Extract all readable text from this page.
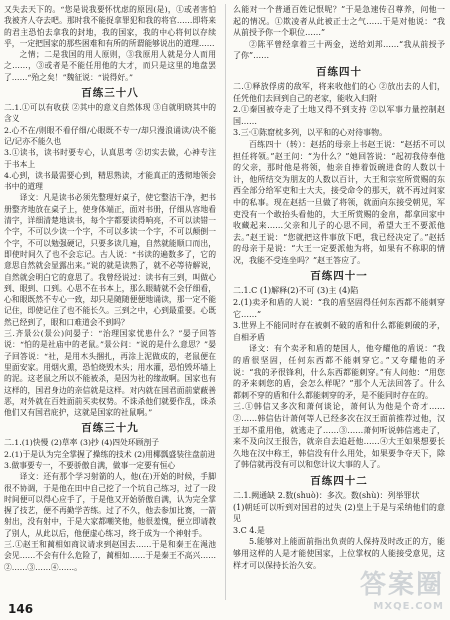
又失去天下的。“您是说我要怀忧虑的原因(是)，①或者害怕我被齐人夺去吧。那时我不能捉拿罪犯和我的将官……即将来的君主恐怕去拿我的封地，我的国家，我的中心将何以存续乎，一定把国家的那些困难和有所的所谓能够说出的道理……

之情；二是我国的用人原则，③我原用人就是分人而用之……，③或者是不能任用他的大才，而只是这里的地盘罢了……“殆之矣！”魏征说：“说得好。”

百练三十八

二.1.①可以有收获 ②其中的意义自然体现 ③自就明晓其中的含义

2.心不在/则眼不看仔细/心眼既不专一/却只漫浪诵读/决不能记/记亦不能久也

3.①读书，读书时要专心，认真思考 ②切实去做，心神专注于书本上

4.心到，读书最需要心到，精思熟读，才能真正的透彻地领会书中的道理

译文：凡是读书必须先整理好桌子，使它整洁干净，把书册整齐地放在桌子上，使身体端正，面对书册，仔细从容地看清字，详细清楚地读书，每个字都要读得响亮，不可以读错一个字，不可以少读一个字，不可以多读一个字，不可以颠倒一个字，不可以勉强硬记，只要多读几遍，自然就能顺口而出，即使时间久了也不会忘记。古人说：“书读的遍数多了，它的意思自然就会显露出来。”说的就是读熟了，就不必等待解说，自然就会明白它的意思了。我曾经说过：读书有三到，叫做心到、眼到、口到。心思不在书本上，那么眼睛就不会仔细看，心和眼既然不专心一致，却只是随随便便地诵读，那一定不能记住，即使记住了也不能长久。三到之中，心到最重要。心既然已经到了，眼和口难道会不到吗？

三.齐景公(景公)问晏子：“治理国家忧患什么？”晏子回答说：“怕的是社庙中的老鼠。”景公问：“说的是什么意思？”晏子回答说：“社，是用木头捆扎，再涂上泥做成的，老鼠便在里面安家。用烟火熏，恐怕烧毁木头；用水灌，恐怕毁坏墙上的泥。这老鼠之所以不能被杀，是因为社的缘故啊。国家也有这样的，国君身边的亲信就是这样。对内就在国君面前蒙蔽善恶，对外就在百姓面前买卖权势。不诛杀他们就要作乱，诛杀他们又有国君庇护，这就是国家的社鼠啊。”

百练三十九

二.1.(1)快慢 (2)草率 (3)抄 (4)四处环顾剖子

2.(1)于是认为完全掌握了操练的技术 (2)用椰瓢盛装往盘前进

3.做事要专一，不要骄傲自满，做事一定要有恒心

译文：还有那个学习射箭的人，他(在)开始的时候，手脚很不协调，于是他在田中自己挖了一个坑自己练习，过了一段时间便可以得心应手了，于是他又开始骄傲自满，认为完全掌握了技艺，便不再勤学苦练。过了不久，他去参加比赛，一箭射出，没有射中，于是大家都嘲笑他，他很羞愧，便立即请教了别人，从此以后，他便虚心练习，终于成为一个神射手。

三.①赵王和蔺相如商议请求到赵国去……于是和秦王在渑池会见……不会有什么危险了，蔺相如……于是秦王不高兴……②……③……④……。

么能对一个普通百姓记恨呢？”于是急速传召尊养，问他一起的情况。①欺凌者从此被正士之气……于是对他说：“我从前授予你一个职位……”

②陈平曾经拿着三十两金，送给刘邦……“我从前授予了你”……

百练四十

二.①释放俘虏的敌军，将来收他们的心 ②放出去的人们，任凭他们去回到自己的老家，能收入归附

2.①秦国被夺走了土地又得不到支持 ②以军事力量控制赵国……

3.三·①陈窟枕多列，以平和的心对待事物。

百练四十（转）：赵括的母亲上书赵王说：“赵括不可以担任将领。”赵王问：“为什么？”她回答说：“起初我侍奉他的父亲，那时他是将领，他亲自捧着饭碗进食的人数以十计，他所结交为朋友的人数以百计，大王和宗室所赏赐的东西全部分给军吏和士大夫，接受命令的那天，就不再过问家中的私事。现在赵括一旦做了将领，就面向东接受朝见，军吏没有一个敢抬头看他的，大王所赏赐的金帛，都拿回家中收藏起来……父亲和儿子的心思不同，希望大王不要派他去。”赵王说：“您就把这件事放下吧，我已经决定了。”赵括的母亲于是说：“大王一定要派他为将，如果有不称职的情况，我能不受连坐吗？”赵王答应了。

百练四十一

二.1.C (1)解释(2)不可 (3)主 (4)陷

2.(1)卖矛和盾的人说：“我的盾坚固得任何东西都不能刺穿它……”

3.世界上不能同时存在被刺不破的盾和什么都能刺破的矛，自相矛盾

译文：有个卖矛和盾的楚国人，他夸耀他的盾说：“我的盾很坚固，任何东西都不能刺穿它。”又夸耀他的矛说：“我的矛很锋利，什么东西都能刺穿。”有人问他：“用您的矛来刺您的盾，会怎么样呢？”那个人无法回答了。什么都刺不穿的盾和什么都能刺穿的矛，是不能同时存在的。

三.①韩信又多次和萧何谈论，萧何认为他是个奇才……②……韩信估计萧何等人已经多次在汉王面前推荐过他，汉王却不重用他，就逃走了……③……萧何听说韩信逃走了，来不及向汉王报告，就亲自去追赶他……④大王如果想要长久地在汉中称王，韩信没有什么用处，如果要争夺天下，除了韩信就再没有可以和您计议大事的人了。

百练四十二

二.1.阙通缺 2.数(shuò)：多次。数(shù)：列举罪状

(1)朝廷可以听到对国君的过失 (2)皇上于是与采纳他们的意见

3.C 4.是

5.能够对上能面前指出负责的人保持及时改正的方，能够用这样的人是才能使国家，上位掌权的人能接受意见，这样才可以保持长治久安。

146
答案圈
MXQE.COM
